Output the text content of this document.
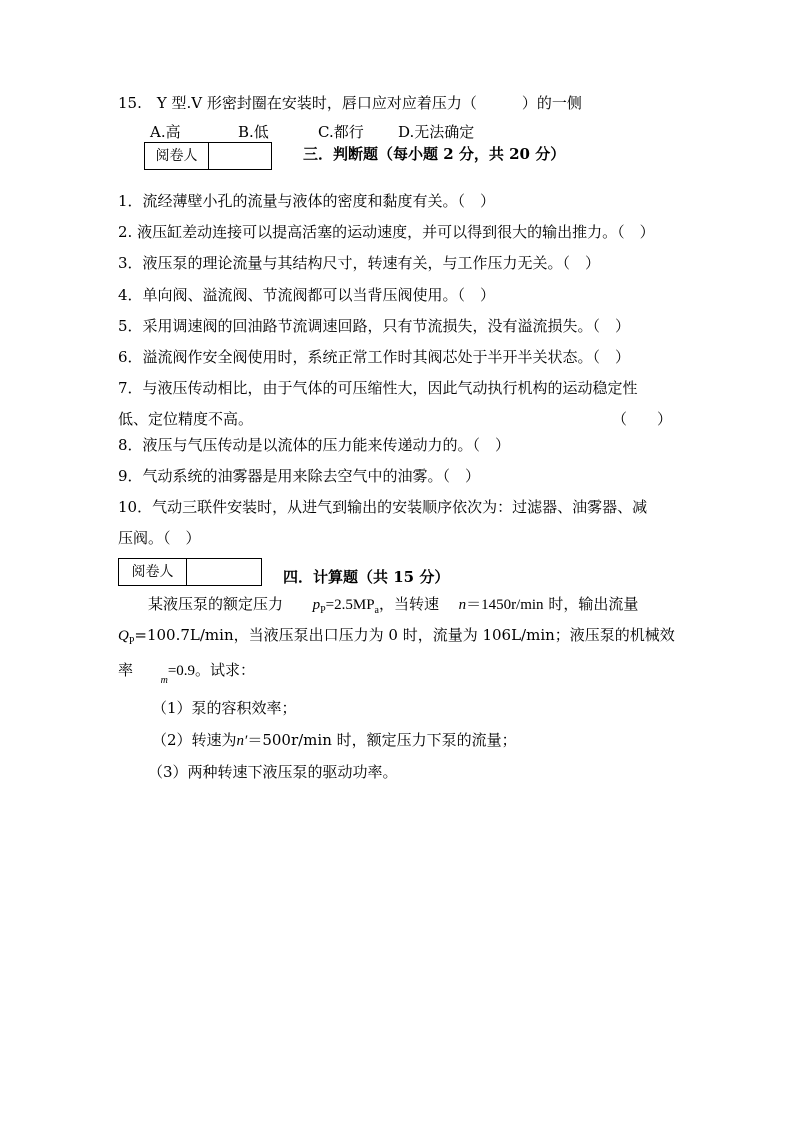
15.　Y 型.V 形密封圈在安装时，唇口应对应着压力（　　　）的一侧
A.高	B.低	C.都行 D.无法确定
阅卷人	三．判断题（每小题 2 分，共 20 分）
1．流经薄壁小孔的流量与液体的密度和黏度有关。（　）
2. 液压缸差动连接可以提高活塞的运动速度，并可以得到很大的输出推力。（　）
3．液压泵的理论流量与其结构尺寸，转速有关，与工作压力无关。（　）
4．单向阀、溢流阀、节流阀都可以当背压阀使用。（　）
5．采用调速阀的回油路节流调速回路，只有节流损失，没有溢流损失。（　）
6．溢流阀作安全阀使用时，系统正常工作时其阀芯处于半开半关状态。（　）
7．与液压传动相比，由于气体的可压缩性大，因此气动执行机构的运动稳定性
低、定位精度不高。	（　　）
8．液压与气压传动是以流体的压力能来传递动力的。（　）
9．气动系统的油雾器是用来除去空气中的油雾。（　）
10．气动三联件安装时，从进气到输出的安装顺序依次为：过滤器、油雾器、减
压阀。（　）
阅卷人	四．计算题（共 15 分）
某液压泵的额定压力 $p_P=2.5MP_a$，当转速 n＝1450r/min 时，输出流量
$Q_P=100.7L/\min$，当液压泵出口压力为 0 时，流量为 106L/min；液压泵的机械效
率  $_m$=0.9。试求：
（1）泵的容积效率；
（2）转速为n′＝500r/min 时，额定压力下泵的流量；
（3）两种转速下液压泵的驱动功率。
